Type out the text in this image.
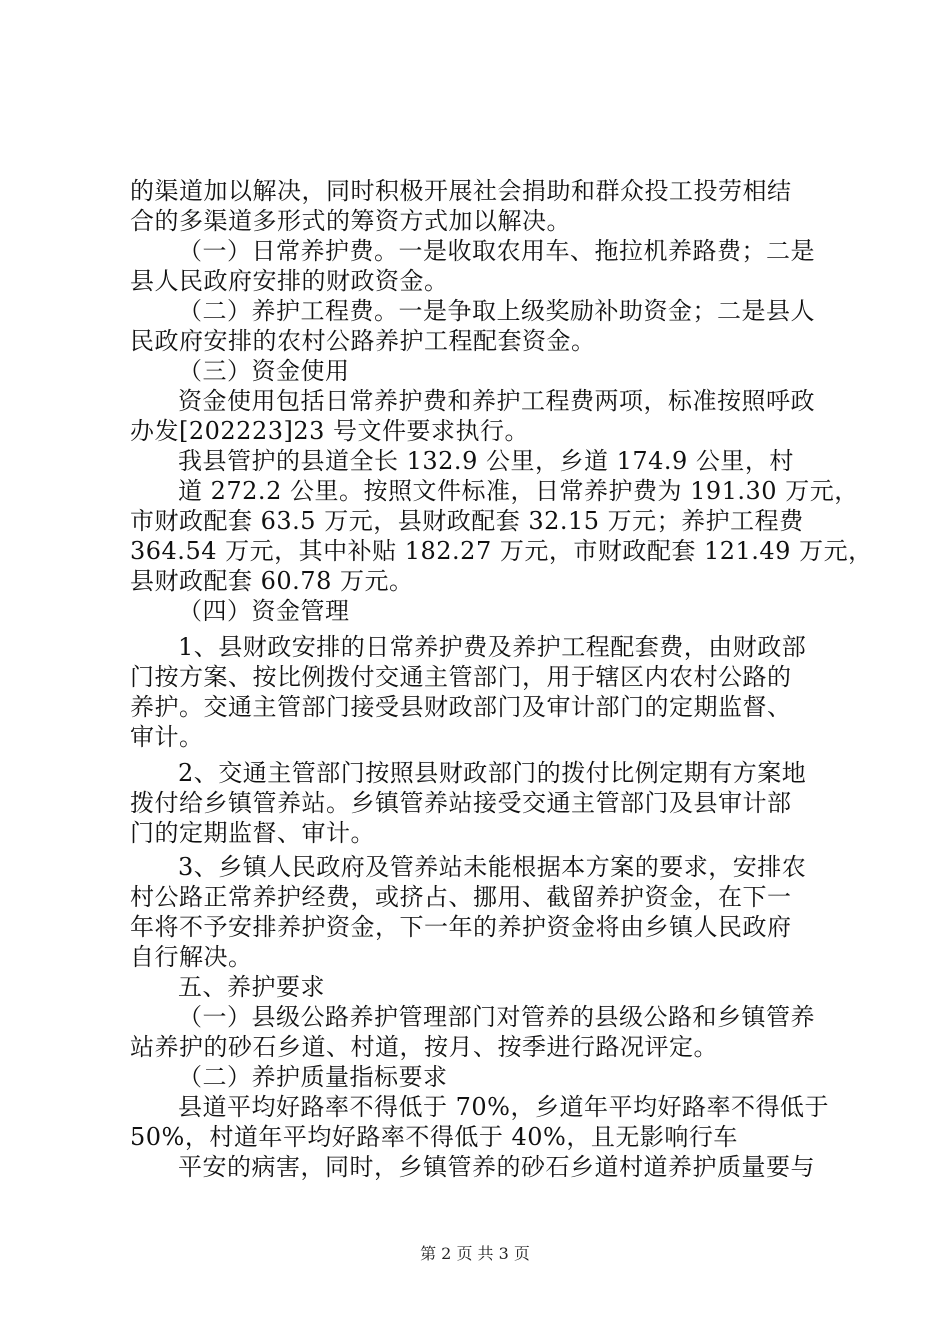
的渠道加以解决，同时积极开展社会捐助和群众投工投劳相结
合的多渠道多形式的筹资方式加以解决。
（一）日常养护费。一是收取农用车、拖拉机养路费；二是
县人民政府安排的财政资金。
（二）养护工程费。一是争取上级奖励补助资金；二是县人
民政府安排的农村公路养护工程配套资金。
（三）资金使用
资金使用包括日常养护费和养护工程费两项，标准按照呼政
办发[202223]23 号文件要求执行。
我县管护的县道全长 132.9 公里，乡道 174.9 公里，村
道 272.2 公里。按照文件标准，日常养护费为 191.30 万元，
市财政配套 63.5 万元，县财政配套 32.15 万元；养护工程费
364.54 万元，其中补贴 182.27 万元，市财政配套 121.49 万元，
县财政配套 60.78 万元。
（四）资金管理
1、县财政安排的日常养护费及养护工程配套费，由财政部
门按方案、按比例拨付交通主管部门，用于辖区内农村公路的
养护。交通主管部门接受县财政部门及审计部门的定期监督、
审计。
2、交通主管部门按照县财政部门的拨付比例定期有方案地
拨付给乡镇管养站。乡镇管养站接受交通主管部门及县审计部
门的定期监督、审计。
3、乡镇人民政府及管养站未能根据本方案的要求，安排农
村公路正常养护经费，或挤占、挪用、截留养护资金，在下一
年将不予安排养护资金，下一年的养护资金将由乡镇人民政府
自行解决。
五、养护要求
（一）县级公路养护管理部门对管养的县级公路和乡镇管养
站养护的砂石乡道、村道，按月、按季进行路况评定。
（二）养护质量指标要求
县道平均好路率不得低于 70%，乡道年平均好路率不得低于
50%，村道年平均好路率不得低于 40%，且无影响行车
平安的病害，同时，乡镇管养的砂石乡道村道养护质量要与
第 2 页 共 3 页
